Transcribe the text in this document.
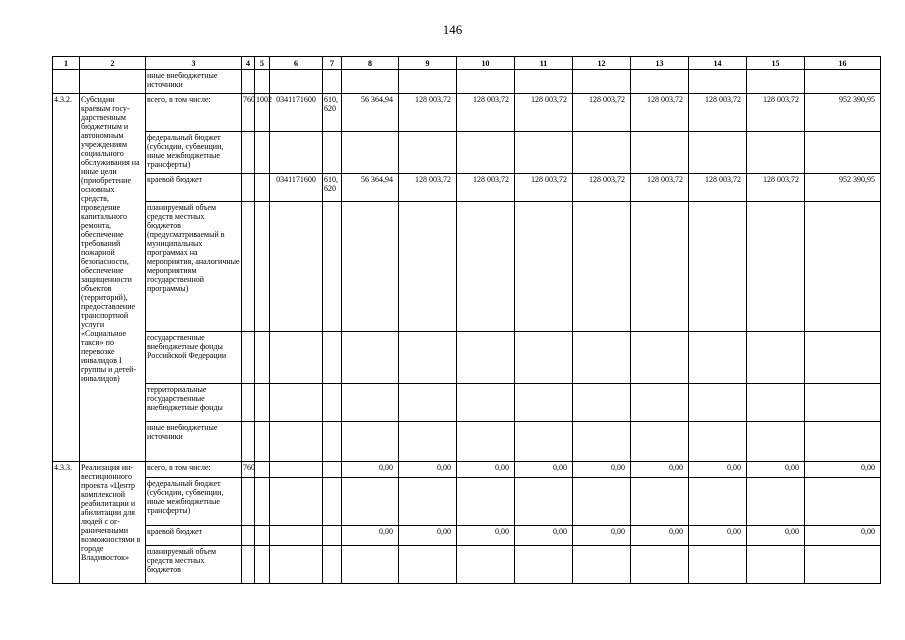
146
1	2	3	4	5	6	7	8	9	10	11	12	13	14	15	16
		иные внебюджетные источники													
4.3.2.	Субсидии краевым госу-дарственным бюджетным и автономным учреждениям социального обслуживания на иные цели (приобретение основных средств, проведение капитального ремонта, обеспечение требований пожарной безопасности, обеспечение защищенности объектов (территорий), предоставление транспортной услуги «Социальное такси» по перевозке инвалидов I группы и детей-инвалидов)	всего, в том числе:	760	1002	0341171600	610, 620	56 364,94	128 003,72	128 003,72	128 003,72	128 003,72	128 003,72	128 003,72	128 003,72	952 390,95
		федеральный бюджет (субсидии, субвенции, иные межбюджетные трансферты)													
		краевой бюджет			0341171600	610, 620	56 364,94	128 003,72	128 003,72	128 003,72	128 003,72	128 003,72	128 003,72	128 003,72	952 390,95
		планируемый объем средств местных бюджетов (предусматриваемый в муниципальных программах на мероприятия, аналогичные мероприятиям государственной программы)													
		государственные внебюджетные фонды Российской Федерации													
		территориальные государственные внебюджетные фонды													
		иные внебюджетные источники													
4.3.3.	Реализация ин-вестиционного проекта «Центр комплексной реабилитации и абилитации для людей с ог-раниченными возможностями в городе Владивосток»	всего, в том числе:	760				0,00	0,00	0,00	0,00	0,00	0,00	0,00	0,00	0,00
		федеральный бюджет (субсидии, субвенции, иные межбюджетные трансферты)													
		краевой бюджет					0,00	0,00	0,00	0,00	0,00	0,00	0,00	0,00	0,00
		планируемый объем средств местных бюджетов													
